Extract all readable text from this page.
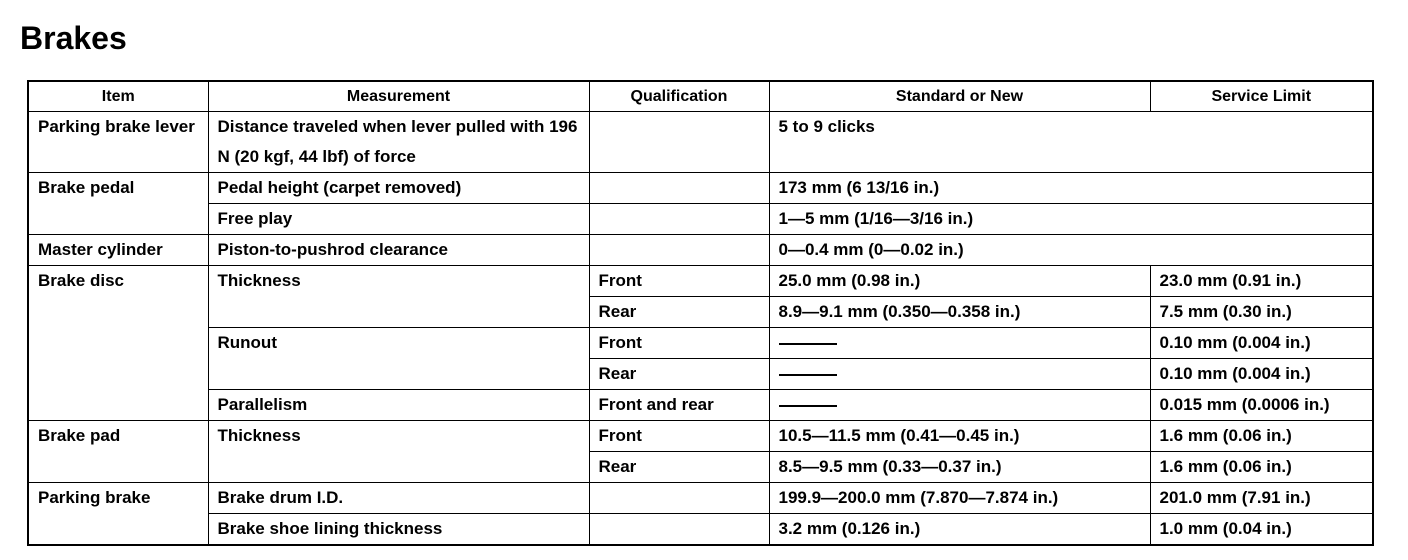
Brakes
Item	Measurement	Qualification	Standard or New	Service Limit
Parking brake lever	Distance traveled when lever pulled with 196 N (20 kgf, 44 lbf) of force		5 to 9 clicks	
Brake pedal	Pedal height (carpet removed)		173 mm (6 13/16 in.)	
	Free play		1—5 mm (1/16—3/16 in.)	
Master cylinder	Piston-to-pushrod clearance		0—0.4 mm (0—0.02 in.)	
Brake disc	Thickness	Front	25.0 mm (0.98 in.)	23.0 mm (0.91 in.)
		Rear	8.9—9.1 mm (0.350—0.358 in.)	7.5 mm (0.30 in.)
	Runout	Front		0.10 mm (0.004 in.)
		Rear		0.10 mm (0.004 in.)
	Parallelism	Front and rear		0.015 mm (0.0006 in.)
Brake pad	Thickness	Front	10.5—11.5 mm (0.41—0.45 in.)	1.6 mm (0.06 in.)
		Rear	8.5—9.5 mm (0.33—0.37 in.)	1.6 mm (0.06 in.)
Parking brake	Brake drum I.D.		199.9—200.0 mm (7.870—7.874 in.)	201.0 mm (7.91 in.)
	Brake shoe lining thickness		3.2 mm (0.126 in.)	1.0 mm (0.04 in.)
